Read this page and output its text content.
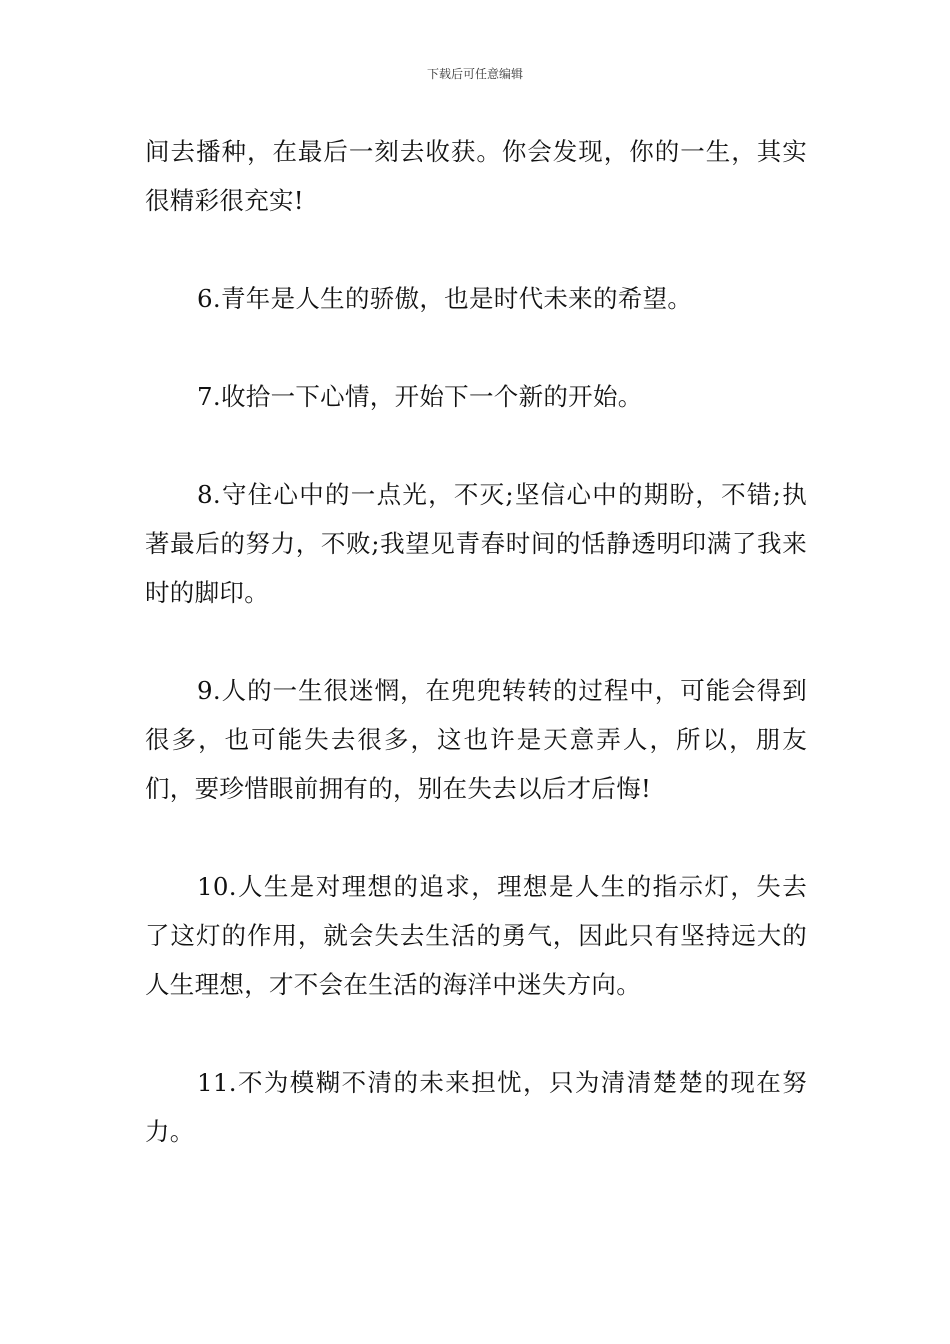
下载后可任意编辑

间去播种，在最后一刻去收获。你会发现，你的一生，其实很精彩很充实!

6.青年是人生的骄傲，也是时代未来的希望。

7.收拾一下心情，开始下一个新的开始。

8.守住心中的一点光，不灭;坚信心中的期盼，不错;执著最后的努力，不败;我望见青春时间的恬静透明印满了我来时的脚印。

9.人的一生很迷惘，在兜兜转转的过程中，可能会得到很多，也可能失去很多，这也许是天意弄人，所以，朋友们，要珍惜眼前拥有的，别在失去以后才后悔!

10.人生是对理想的追求，理想是人生的指示灯，失去了这灯的作用，就会失去生活的勇气，因此只有坚持远大的人生理想，才不会在生活的海洋中迷失方向。

11.不为模糊不清的未来担忧，只为清清楚楚的现在努力。
